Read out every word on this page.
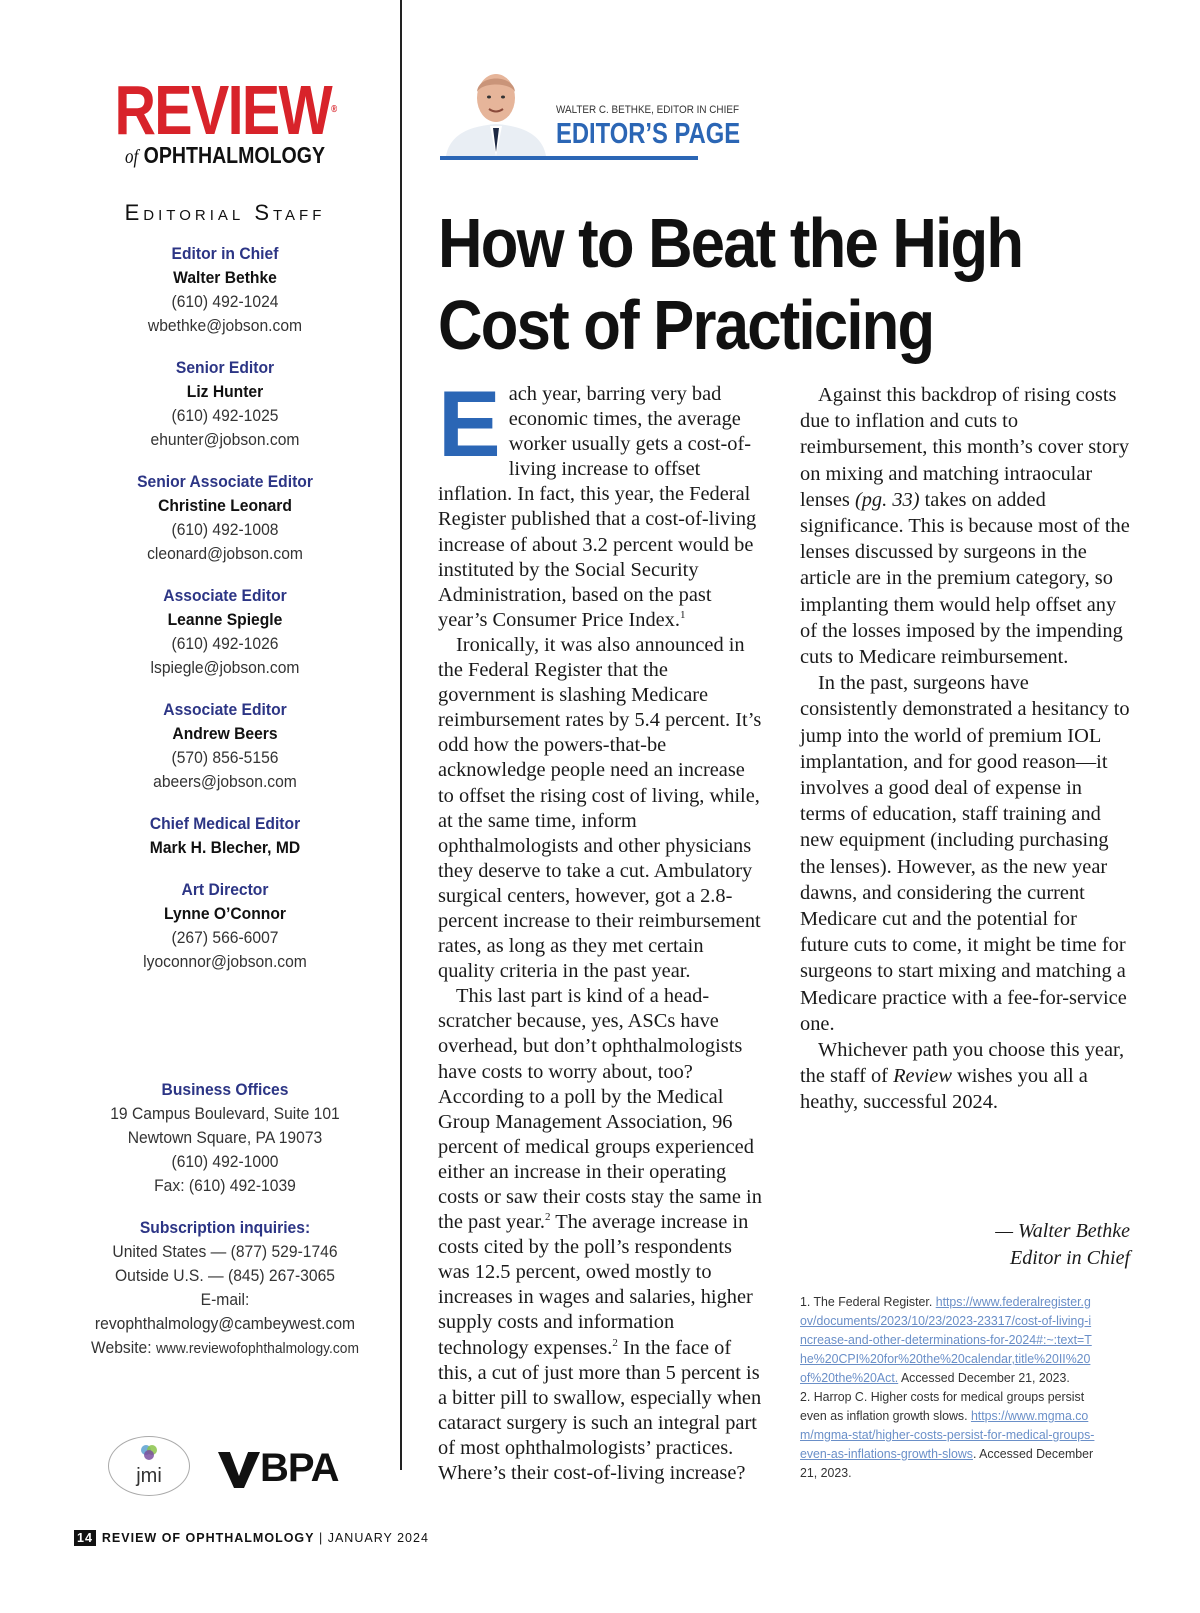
REVIEW®
of OPHTHALMOLOGY
Editorial Staff
Editor in Chief
Walter Bethke
(610) 492-1024
wbethke@jobson.com
Senior Editor
Liz Hunter
(610) 492-1025
ehunter@jobson.com
Senior Associate Editor
Christine Leonard
(610) 492-1008
cleonard@jobson.com
Associate Editor
Leanne Spiegle
(610) 492-1026
lspiegle@jobson.com
Associate Editor
Andrew Beers
(570) 856-5156
abeers@jobson.com
Chief Medical Editor
Mark H. Blecher, MD
Art Director
Lynne O’Connor
(267) 566-6007
lyoconnor@jobson.com
Business Offices
19 Campus Boulevard, Suite 101
Newtown Square, PA 19073
(610) 492-1000
Fax: (610) 492-1039
Subscription inquiries:
United States — (877) 529-1746
Outside U.S. — (845) 267-3065
E-mail:
revophthalmology@cambeywest.com
Website: www.reviewofophthalmology.com
jmi	BPA
WALTER C. BETHKE, EDITOR IN CHIEF
EDITOR’S PAGE
How to Beat the High
Cost of Practicing

Each year, barring very bad economic times, the average worker usually gets a cost-of-living increase to offset inflation. In fact, this year, the Federal Register published that a cost-of-living increase of about 3.2 percent would be instituted by the Social Security Administration, based on the past year’s Consumer Price Index.$^1$

Ironically, it was also announced in the Federal Register that the government is slashing Medicare reimbursement rates by 5.4 percent. It’s odd how the powers-that-be acknowledge people need an increase to offset the rising cost of living, while, at the same time, inform ophthalmologists and other physicians they deserve to take a cut. Ambulatory surgical centers, however, got a 2.8-percent increase to their reimbursement rates, as long as they met certain quality criteria in the past year.

This last part is kind of a head-scratcher because, yes, ASCs have overhead, but don’t ophthalmologists have costs to worry about, too? According to a poll by the Medical Group Management Association, 96 percent of medical groups experienced either an increase in their operating costs or saw their costs stay the same in the past year.$^2$ The average increase in costs cited by the poll’s respondents was 12.5 percent, owed mostly to increases in wages and salaries, higher supply costs and information technology expenses.$^2$ In the face of this, a cut of just more than 5 percent is a bitter pill to swallow, especially when cataract surgery is such an integral part of most ophthalmologists’ practices. Where’s their cost-of-living increase?

Against this backdrop of rising costs due to inflation and cuts to reimbursement, this month’s cover story on mixing and matching intraocular lenses (pg. 33) takes on added significance. This is because most of the lenses discussed by surgeons in the article are in the premium category, so implanting them would help offset any of the losses imposed by the impending cuts to Medicare reimbursement.

In the past, surgeons have consistently demonstrated a hesitancy to jump into the world of premium IOL implantation, and for good reason—it involves a good deal of expense in terms of education, staff training and new equipment (including purchasing the lenses). However, as the new year dawns, and considering the current Medicare cut and the potential for future cuts to come, it might be time for surgeons to start mixing and matching a Medicare practice with a fee-for-service one.

Whichever path you choose this year, the staff of Review wishes you all a heathy, successful 2024.

— Walter Bethke
Editor in Chief

1. The Federal Register. https://www.federalregister.gov/documents/2023/10/23/2023-23317/cost-of-living-increase-and-other-determinations-for-2024#:~:text=The%20CPI%20for%20the%20calendar,title%20II%20of%20the%20Act. Accessed December 21, 2023.

2. Harrop C. Higher costs for medical groups persist even as inflation growth slows. https://www.mgma.com/mgma-stat/higher-costs-persist-for-medical-groups-even-as-inflations-growth-slows. Accessed December 21, 2023.

14 REVIEW OF OPHTHALMOLOGY | JANUARY 2024
